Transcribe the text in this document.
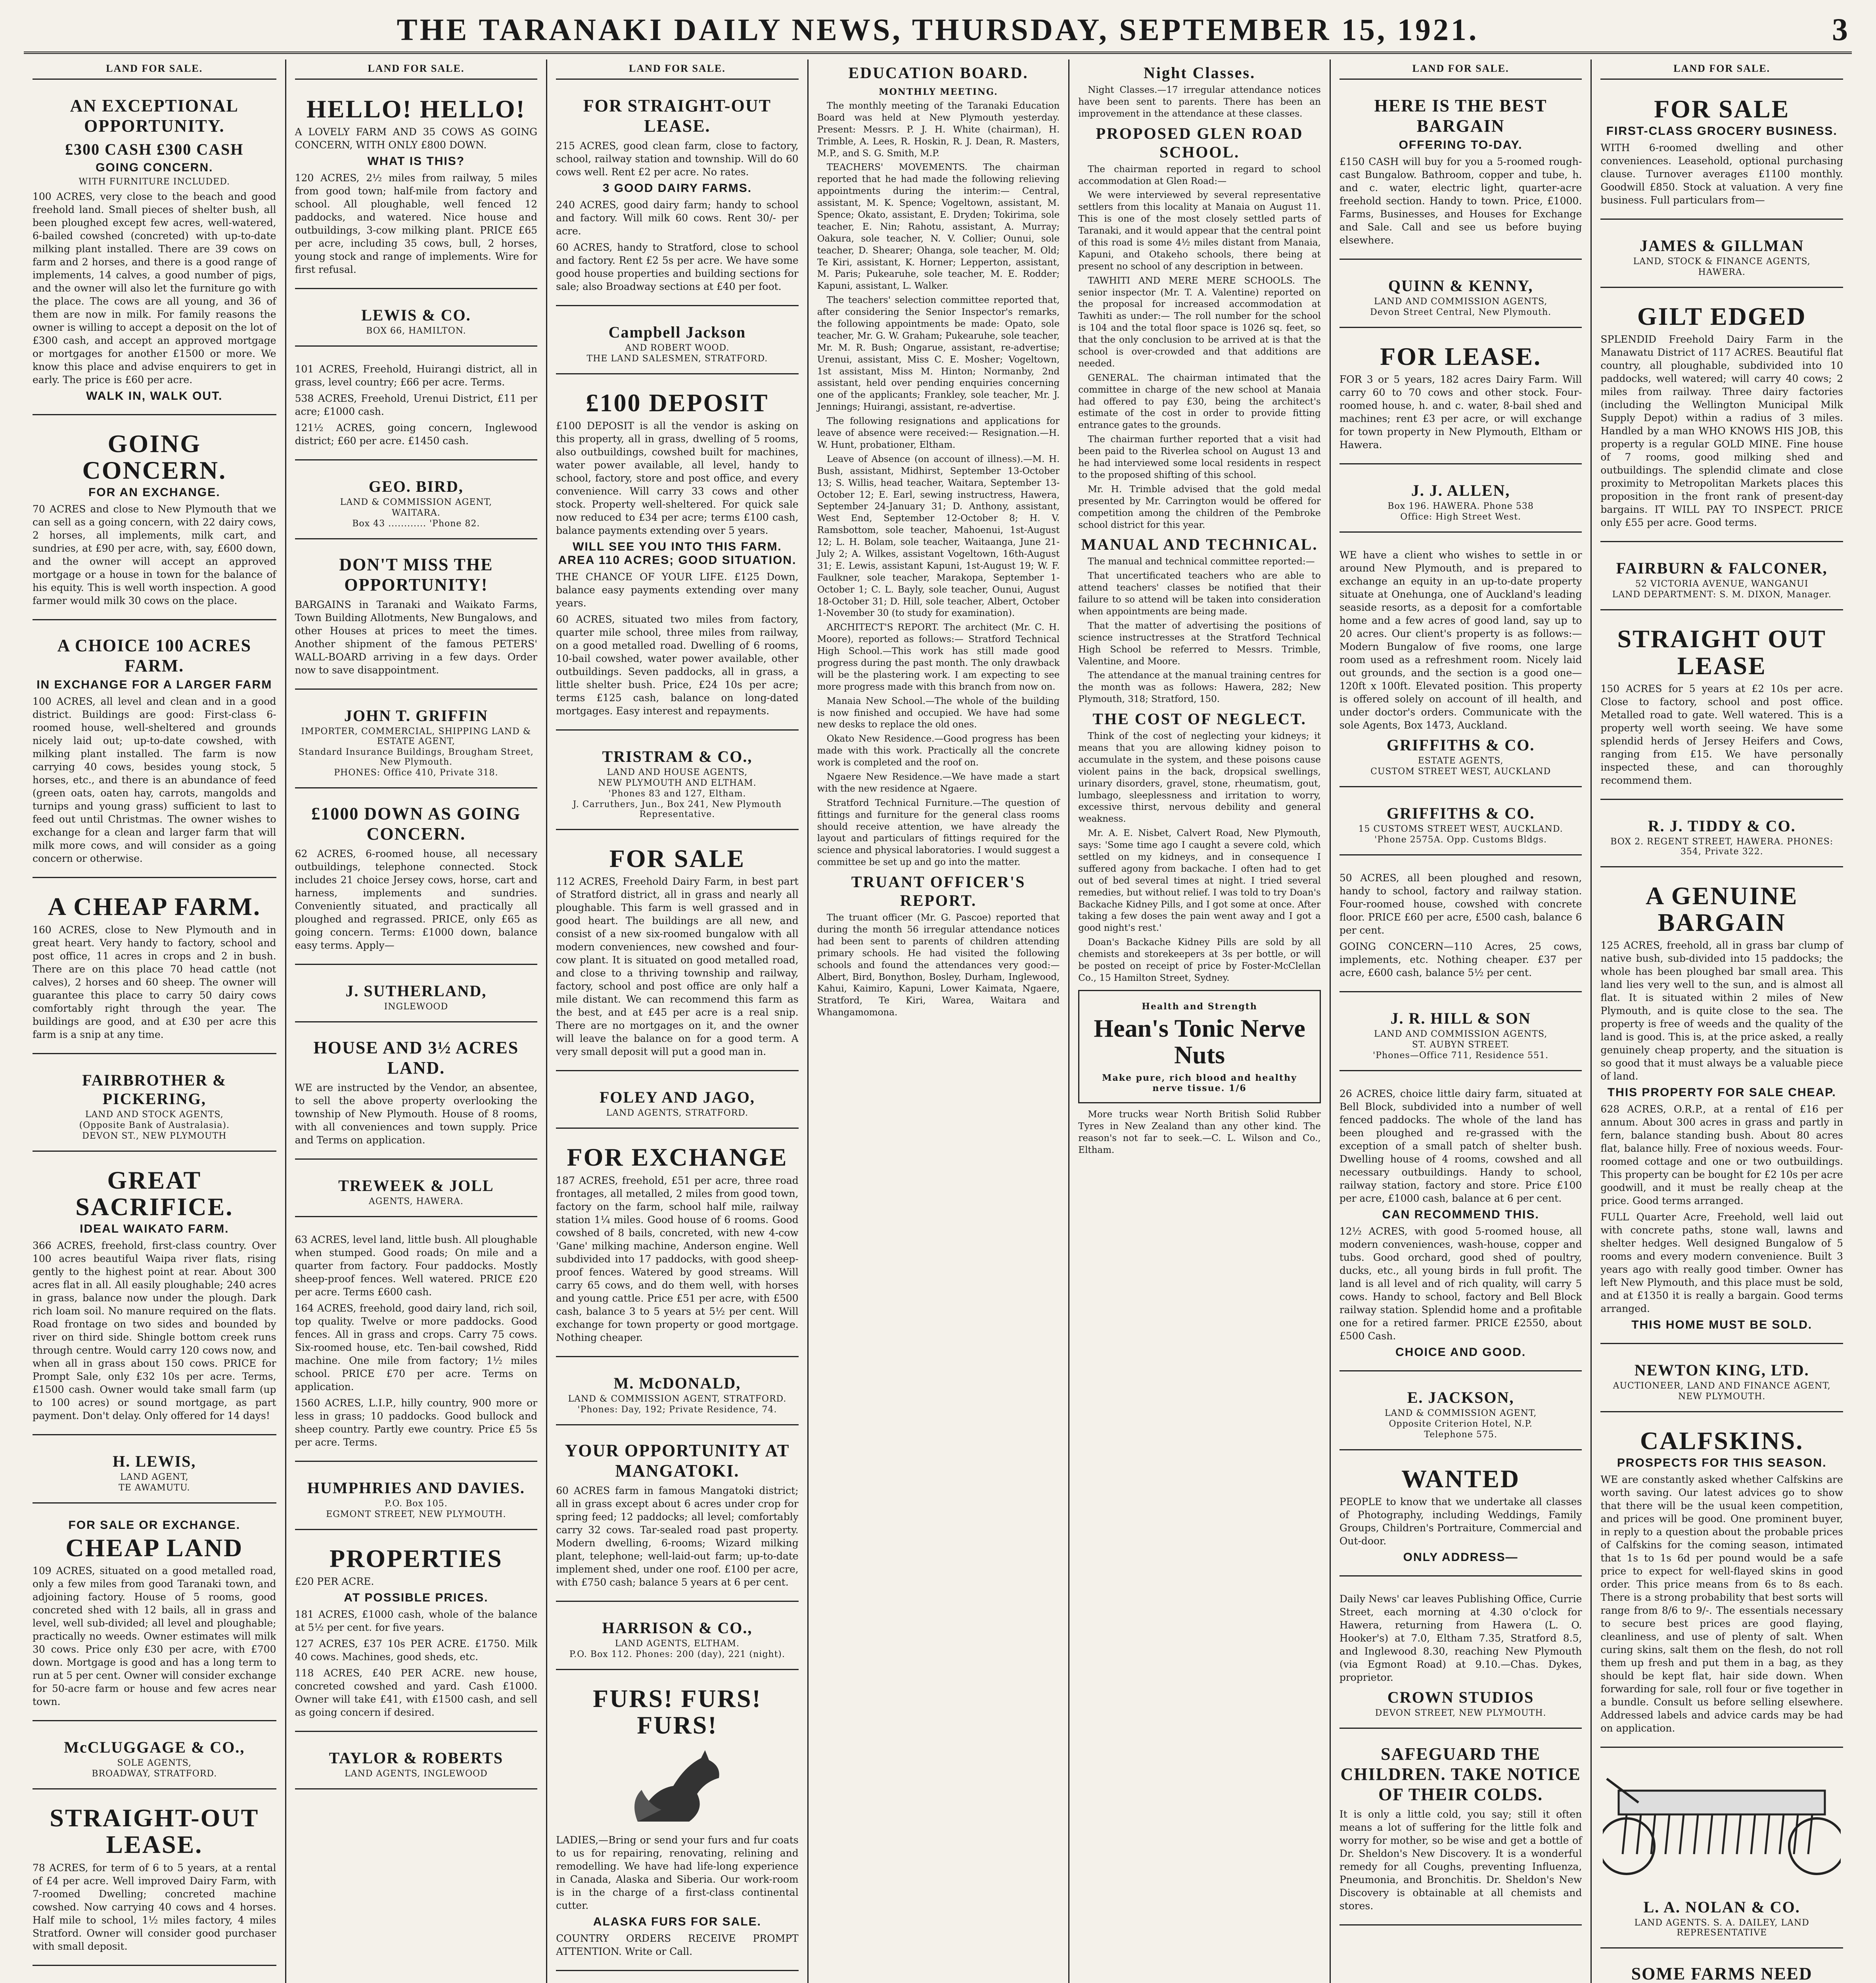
THE TARANAKI DAILY NEWS, THURSDAY, SEPTEMBER 15, 1921.	3
LAND FOR SALE.
AN EXCEPTIONAL OPPORTUNITY.
£300 CASH £300 CASH
GOING CONCERN.
WITH FURNITURE INCLUDED.

100 ACRES, very close to the beach and good freehold land. Small pieces of shelter bush, all been ploughed except few acres, well-watered, 6-bailed cowshed (concreted) with up-to-date milking plant installed. There are 39 cows on farm and 2 horses, and there is a good range of implements, 14 calves, a good number of pigs, and the owner will also let the furniture go with the place. The cows are all young, and 36 of them are now in milk. For family reasons the owner is willing to accept a deposit on the lot of £300 cash, and accept an approved mortgage or mortgages for another £1500 or more. We know this place and advise enquirers to get in early. The price is £60 per acre.

WALK IN, WALK OUT.
GOING CONCERN.
FOR AN EXCHANGE.

70 ACRES and close to New Plymouth that we can sell as a going concern, with 22 dairy cows, 2 horses, all implements, milk cart, and sundries, at £90 per acre, with, say, £600 down, and the owner will accept an approved mortgage or a house in town for the balance of his equity. This is well worth inspection. A good farmer would milk 30 cows on the place.

A CHOICE 100 ACRES FARM.
IN EXCHANGE FOR A LARGER FARM

100 ACRES, all level and clean and in a good district. Buildings are good: First-class 6-roomed house, well-sheltered and grounds nicely laid out; up-to-date cowshed, with milking plant installed. The farm is now carrying 40 cows, besides young stock, 5 horses, etc., and there is an abundance of feed (green oats, oaten hay, carrots, mangolds and turnips and young grass) sufficient to last to feed out until Christmas. The owner wishes to exchange for a clean and larger farm that will milk more cows, and will consider as a going concern or otherwise.

A CHEAP FARM.

160 ACRES, close to New Plymouth and in great heart. Very handy to factory, school and post office, 11 acres in crops and 2 in bush. There are on this place 70 head cattle (not calves), 2 horses and 60 sheep. The owner will guarantee this place to carry 50 dairy cows comfortably right through the year. The buildings are good, and at £30 per acre this farm is a snip at any time.

FAIRBROTHER & PICKERING,
LAND AND STOCK AGENTS,
(Opposite Bank of Australasia).
DEVON ST., NEW PLYMOUTH
GREAT SACRIFICE.
IDEAL WAIKATO FARM.

366 ACRES, freehold, first-class country. Over 100 acres beautiful Waipa river flats, rising gently to the highest point at rear. About 300 acres flat in all. All easily ploughable; 240 acres in grass, balance now under the plough. Dark rich loam soil. No manure required on the flats. Road frontage on two sides and bounded by river on third side. Shingle bottom creek runs through centre. Would carry 120 cows now, and when all in grass about 150 cows. PRICE for Prompt Sale, only £32 10s per acre. Terms, £1500 cash. Owner would take small farm (up to 100 acres) or sound mortgage, as part payment. Don't delay. Only offered for 14 days!

H. LEWIS,
LAND AGENT,
TE AWAMUTU.
FOR SALE OR EXCHANGE.
CHEAP LAND

109 ACRES, situated on a good metalled road, only a few miles from good Taranaki town, and adjoining factory. House of 5 rooms, good concreted shed with 12 bails, all in grass and level, well sub-divided; all level and ploughable; practically no weeds. Owner estimates will milk 30 cows. Price only £30 per acre, with £700 down. Mortgage is good and has a long term to run at 5 per cent. Owner will consider exchange for 50-acre farm or house and few acres near town.

McCLUGGAGE & CO.,
SOLE AGENTS,
BROADWAY, STRATFORD.
STRAIGHT-OUT LEASE.

78 ACRES, for term of 6 to 5 years, at a rental of £4 per acre. Well improved Dairy Farm, with 7-roomed Dwelling; concreted machine cowshed. Now carrying 40 cows and 4 horses. Half mile to school, 1½ miles factory, 4 miles Stratford. Owner will consider good purchaser with small deposit.

LAND FOR SALE.
HELLO! HELLO!

A LOVELY FARM AND 35 COWS AS GOING CONCERN, WITH ONLY £800 DOWN.

WHAT IS THIS?

120 ACRES, 2½ miles from railway, 5 miles from good town; half-mile from factory and school. All ploughable, well fenced 12 paddocks, and watered. Nice house and outbuildings, 3-cow milking plant. PRICE £65 per acre, including 35 cows, bull, 2 horses, young stock and range of implements. Wire for first refusal.

LEWIS & CO.
BOX 66, HAMILTON.

101 ACRES, Freehold, Huirangi district, all in grass, level country; £66 per acre. Terms.

538 ACRES, Freehold, Urenui District, £11 per acre; £1000 cash.

121½ ACRES, going concern, Inglewood district; £60 per acre. £1450 cash.

GEO. BIRD,
LAND & COMMISSION AGENT,
WAITARA.
Box 43 ............ 'Phone 82.
DON'T MISS THE OPPORTUNITY!

BARGAINS in Taranaki and Waikato Farms, Town Building Allotments, New Bungalows, and other Houses at prices to meet the times. Another shipment of the famous PETERS' WALL-BOARD arriving in a few days. Order now to save disappointment.

JOHN T. GRIFFIN
IMPORTER, COMMERCIAL, SHIPPING LAND & ESTATE AGENT,
Standard Insurance Buildings, Brougham Street, New Plymouth.
PHONES: Office 410, Private 318.
£1000 DOWN AS GOING CONCERN.

62 ACRES, 6-roomed house, all necessary outbuildings, telephone connected. Stock includes 21 choice Jersey cows, horse, cart and harness, implements and sundries. Conveniently situated, and practically all ploughed and regrassed. PRICE, only £65 as going concern. Terms: £1000 down, balance easy terms. Apply—

J. SUTHERLAND,
INGLEWOOD
HOUSE AND 3½ ACRES LAND.

WE are instructed by the Vendor, an absentee, to sell the above property overlooking the township of New Plymouth. House of 8 rooms, with all conveniences and town supply. Price and Terms on application.

TREWEEK & JOLL
AGENTS, HAWERA.

63 ACRES, level land, little bush. All ploughable when stumped. Good roads; On mile and a quarter from factory. Four paddocks. Mostly sheep-proof fences. Well watered. PRICE £20 per acre. Terms £600 cash.

164 ACRES, freehold, good dairy land, rich soil, top quality. Twelve or more paddocks. Good fences. All in grass and crops. Carry 75 cows. Six-roomed house, etc. Ten-bail cowshed, Ridd machine. One mile from factory; 1½ miles school. PRICE £70 per acre. Terms on application.

1560 ACRES, L.I.P., hilly country, 900 more or less in grass; 10 paddocks. Good bullock and sheep country. Partly ewe country. Price £5 5s per acre. Terms.

HUMPHRIES AND DAVIES.
P.O. Box 105.
EGMONT STREET, NEW PLYMOUTH.
PROPERTIES

£20 PER ACRE.

AT POSSIBLE PRICES.

181 ACRES, £1000 cash, whole of the balance at 5½ per cent. for five years.

127 ACRES, £37 10s PER ACRE. £1750. Milk 40 cows. Machines, good sheds, etc.

118 ACRES, £40 PER ACRE. new house, concreted cowshed and yard. Cash £1000. Owner will take £41, with £1500 cash, and sell as going concern if desired.

TAYLOR & ROBERTS
LAND AGENTS, INGLEWOOD
LAND FOR SALE.
FOR STRAIGHT-OUT LEASE.

215 ACRES, good clean farm, close to factory, school, railway station and township. Will do 60 cows well. Rent £2 per acre. No rates.

3 GOOD DAIRY FARMS.

240 ACRES, good dairy farm; handy to school and factory. Will milk 60 cows. Rent 30/- per acre.

60 ACRES, handy to Stratford, close to school and factory. Rent £2 5s per acre. We have some good house properties and building sections for sale; also Broadway sections at £40 per foot.

Campbell Jackson
AND ROBERT WOOD.
THE LAND SALESMEN, STRATFORD.
£100 DEPOSIT

£100 DEPOSIT is all the vendor is asking on this property, all in grass, dwelling of 5 rooms, also outbuildings, cowshed built for machines, water power available, all level, handy to school, factory, store and post office, and every convenience. Will carry 33 cows and other stock. Property well-sheltered. For quick sale now reduced to £34 per acre; terms £100 cash, balance payments extending over 5 years.

WILL SEE YOU INTO THIS FARM. AREA 110 ACRES; GOOD SITUATION.

THE CHANCE OF YOUR LIFE. £125 Down, balance easy payments extending over many years.

60 ACRES, situated two miles from factory, quarter mile school, three miles from railway, on a good metalled road. Dwelling of 6 rooms, 10-bail cowshed, water power available, other outbuildings. Seven paddocks, all in grass, a little shelter bush. Price, £24 10s per acre; terms £125 cash, balance on long-dated mortgages. Easy interest and repayments.

TRISTRAM & CO.,
LAND AND HOUSE AGENTS,
NEW PLYMOUTH AND ELTHAM.
'Phones 83 and 127, Eltham.
J. Carruthers, Jun., Box 241, New Plymouth Representative.
FOR SALE

112 ACRES, Freehold Dairy Farm, in best part of Stratford district, all in grass and nearly all ploughable. This farm is well grassed and in good heart. The buildings are all new, and consist of a new six-roomed bungalow with all modern conveniences, new cowshed and four-cow plant. It is situated on good metalled road, and close to a thriving township and railway, factory, school and post office are only half a mile distant. We can recommend this farm as the best, and at £45 per acre is a real snip. There are no mortgages on it, and the owner will leave the balance on for a good term. A very small deposit will put a good man in.

FOLEY AND JAGO,
LAND AGENTS, STRATFORD.
FOR EXCHANGE

187 ACRES, freehold, £51 per acre, three road frontages, all metalled, 2 miles from good town, factory on the farm, school half mile, railway station 1¼ miles. Good house of 6 rooms. Good cowshed of 8 bails, concreted, with new 4-cow 'Gane' milking machine, Anderson engine. Well subdivided into 17 paddocks, with good sheep-proof fences. Watered by good streams. Will carry 65 cows, and do them well, with horses and young cattle. Price £51 per acre, with £500 cash, balance 3 to 5 years at 5½ per cent. Will exchange for town property or good mortgage. Nothing cheaper.

M. McDONALD,
LAND & COMMISSION AGENT, STRATFORD.
'Phones: Day, 192; Private Residence, 74.
YOUR OPPORTUNITY AT MANGATOKI.

60 ACRES farm in famous Mangatoki district; all in grass except about 6 acres under crop for spring feed; 12 paddocks; all level; comfortably carry 32 cows. Tar-sealed road past property. Modern dwelling, 6-rooms; Wizard milking plant, telephone; well-laid-out farm; up-to-date implement shed, under one roof. £100 per acre, with £750 cash; balance 5 years at 6 per cent.

HARRISON & CO.,
LAND AGENTS, ELTHAM.
P.O. Box 112. Phones: 200 (day), 221 (night).
FURS! FURS! FURS!

LADIES,—Bring or send your furs and fur coats to us for repairing, renovating, relining and remodelling. We have had life-long experience in Canada, Alaska and Siberia. Our work-room is in the charge of a first-class continental cutter.

ALASKA FURS FOR SALE.

COUNTRY ORDERS RECEIVE PROMPT ATTENTION. Write or Call.

EDUCATION BOARD.
MONTHLY MEETING.

The monthly meeting of the Taranaki Education Board was held at New Plymouth yesterday. Present: Messrs. P. J. H. White (chairman), H. Trimble, A. Lees, R. Hoskin, R. J. Dean, R. Masters, M.P., and S. G. Smith, M.P.

TEACHERS' MOVEMENTS. The chairman reported that he had made the following relieving appointments during the interim:— Central, assistant, M. K. Spence; Vogeltown, assistant, M. Spence; Okato, assistant, E. Dryden; Tokirima, sole teacher, E. Nin; Rahotu, assistant, A. Murray; Oakura, sole teacher, N. V. Collier; Ounui, sole teacher, D. Shearer; Ohanga, sole teacher, M. Old; Te Kiri, assistant, K. Horner; Lepperton, assistant, M. Paris; Pukearuhe, sole teacher, M. E. Rodder; Kapuni, assistant, L. Walker.

The teachers' selection committee reported that, after considering the Senior Inspector's remarks, the following appointments be made: Opato, sole teacher, Mr. G. W. Graham; Pukearuhe, sole teacher, Mr. M. R. Bush; Ongarue, assistant, re-advertise; Urenui, assistant, Miss C. E. Mosher; Vogeltown, 1st assistant, Miss M. Hinton; Normanby, 2nd assistant, held over pending enquiries concerning one of the applicants; Frankley, sole teacher, Mr. J. Jennings; Huirangi, assistant, re-advertise.

The following resignations and applications for leave of absence were received:— Resignation.—H. W. Hunt, probationer, Eltham.

Leave of Absence (on account of illness).—M. H. Bush, assistant, Midhirst, September 13-October 13; S. Willis, head teacher, Waitara, September 13-October 12; E. Earl, sewing instructress, Hawera, September 24-January 31; D. Anthony, assistant, West End, September 12-October 8; H. V. Ramsbottom, sole teacher, Mahoenui, 1st-August 12; L. H. Bolam, sole teacher, Waitaanga, June 21-July 2; A. Wilkes, assistant Vogeltown, 16th-August 31; E. Lewis, assistant Kapuni, 1st-August 19; W. F. Faulkner, sole teacher, Marakopa, September 1-October 1; C. L. Bayly, sole teacher, Ounui, August 18-October 31; D. Hill, sole teacher, Albert, October 1-November 30 (to study for examination).

ARCHITECT'S REPORT. The architect (Mr. C. H. Moore), reported as follows:— Stratford Technical High School.—This work has still made good progress during the past month. The only drawback will be the plastering work. I am expecting to see more progress made with this branch from now on.

Manaia New School.—The whole of the building is now finished and occupied. We have had some new desks to replace the old ones.

Okato New Residence.—Good progress has been made with this work. Practically all the concrete work is completed and the roof on.

Ngaere New Residence.—We have made a start with the new residence at Ngaere.

Stratford Technical Furniture.—The question of fittings and furniture for the general class rooms should receive attention, we have already the layout and particulars of fittings required for the science and physical laboratories. I would suggest a committee be set up and go into the matter.

TRUANT OFFICER'S REPORT.

The truant officer (Mr. G. Pascoe) reported that during the month 56 irregular attendance notices had been sent to parents of children attending primary schools. He had visited the following schools and found the attendances very good:—Albert, Bird, Bonython, Bosley, Durham, Inglewood, Kahui, Kaimiro, Kapuni, Lower Kaimata, Ngaere, Stratford, Te Kiri, Warea, Waitara and Whangamomona.

Night Classes.

Night Classes.—17 irregular attendance notices have been sent to parents. There has been an improvement in the attendance at these classes.

PROPOSED GLEN ROAD SCHOOL.

The chairman reported in regard to school accommodation at Glen Road:—

We were interviewed by several representative settlers from this locality at Manaia on August 11. This is one of the most closely settled parts of Taranaki, and it would appear that the central point of this road is some 4½ miles distant from Manaia, Kapuni, and Otakeho schools, there being at present no school of any description in between.

TAWHITI AND MERE MERE SCHOOLS. The senior inspector (Mr. T. A. Valentine) reported on the proposal for increased accommodation at Tawhiti as under:— The roll number for the school is 104 and the total floor space is 1026 sq. feet, so that the only conclusion to be arrived at is that the school is over-crowded and that additions are needed.

GENERAL. The chairman intimated that the committee in charge of the new school at Manaia had offered to pay £30, being the architect's estimate of the cost in order to provide fitting entrance gates to the grounds.

The chairman further reported that a visit had been paid to the Riverlea school on August 13 and he had interviewed some local residents in respect to the proposed shifting of this school.

Mr. H. Trimble advised that the gold medal presented by Mr. Carrington would be offered for competition among the children of the Pembroke school district for this year.

MANUAL AND TECHNICAL.

The manual and technical committee reported:—

That uncertificated teachers who are able to attend teachers' classes be notified that their failure to so attend will be taken into consideration when appointments are being made.

That the matter of advertising the positions of science instructresses at the Stratford Technical High School be referred to Messrs. Trimble, Valentine, and Moore.

The attendance at the manual training centres for the month was as follows: Hawera, 282; New Plymouth, 318; Stratford, 150.

THE COST OF NEGLECT.

Think of the cost of neglecting your kidneys; it means that you are allowing kidney poison to accumulate in the system, and these poisons cause violent pains in the back, dropsical swellings, urinary disorders, gravel, stone, rheumatism, gout, lumbago, sleeplessness and irritation to worry, excessive thirst, nervous debility and general weakness.

Mr. A. E. Nisbet, Calvert Road, New Plymouth, says: 'Some time ago I caught a severe cold, which settled on my kidneys, and in consequence I suffered agony from backache. I often had to get out of bed several times at night. I tried several remedies, but without relief. I was told to try Doan's Backache Kidney Pills, and I got some at once. After taking a few doses the pain went away and I got a good night's rest.'

Doan's Backache Kidney Pills are sold by all chemists and storekeepers at 3s per bottle, or will be posted on receipt of price by Foster-McClellan Co., 15 Hamilton Street, Sydney.

Health and Strength
Hean's Tonic Nerve Nuts
Make pure, rich blood and healthy nerve tissue. 1/6

More trucks wear North British Solid Rubber Tyres in New Zealand than any other kind. The reason's not far to seek.—C. L. Wilson and Co., Eltham.

LAND FOR SALE.
HERE IS THE BEST BARGAIN
OFFERING TO-DAY.

£150 CASH will buy for you a 5-roomed rough-cast Bungalow. Bathroom, copper and tube, h. and c. water, electric light, quarter-acre freehold section. Handy to town. Price, £1000. Farms, Businesses, and Houses for Exchange and Sale. Call and see us before buying elsewhere.

QUINN & KENNY,
LAND AND COMMISSION AGENTS,
Devon Street Central, New Plymouth.
FOR LEASE.

FOR 3 or 5 years, 182 acres Dairy Farm. Will carry 60 to 70 cows and other stock. Four-roomed house, h. and c. water, 8-bail shed and machines; rent £3 per acre, or will exchange for town property in New Plymouth, Eltham or Hawera.

J. J. ALLEN,
Box 196. HAWERA. Phone 538
Office: High Street West.

WE have a client who wishes to settle in or around New Plymouth, and is prepared to exchange an equity in an up-to-date property situate at Onehunga, one of Auckland's leading seaside resorts, as a deposit for a comfortable home and a few acres of good land, say up to 20 acres. Our client's property is as follows:—Modern Bungalow of five rooms, one large room used as a refreshment room. Nicely laid out grounds, and the section is a good one—120ft x 100ft. Elevated position. This property is offered solely on account of ill health, and under doctor's orders. Communicate with the sole Agents, Box 1473, Auckland.

GRIFFITHS & CO.
ESTATE AGENTS,
CUSTOM STREET WEST, AUCKLAND
GRIFFITHS & CO.
15 CUSTOMS STREET WEST, AUCKLAND.
'Phone 2575A. Opp. Customs Bldgs.

50 ACRES, all been ploughed and resown, handy to school, factory and railway station. Four-roomed house, cowshed with concrete floor. PRICE £60 per acre, £500 cash, balance 6 per cent.

GOING CONCERN—110 Acres, 25 cows, implements, etc. Nothing cheaper. £37 per acre, £600 cash, balance 5½ per cent.

J. R. HILL & SON
LAND AND COMMISSION AGENTS,
ST. AUBYN STREET.
'Phones—Office 711, Residence 551.

26 ACRES, choice little dairy farm, situated at Bell Block, subdivided into a number of well fenced paddocks. The whole of the land has been ploughed and re-grassed with the exception of a small patch of shelter bush. Dwelling house of 4 rooms, cowshed and all necessary outbuildings. Handy to school, railway station, factory and store. Price £100 per acre, £1000 cash, balance at 6 per cent.

CAN RECOMMEND THIS.

12½ ACRES, with good 5-roomed house, all modern conveniences, wash-house, copper and tubs. Good orchard, good shed of poultry, ducks, etc., all young birds in full profit. The land is all level and of rich quality, will carry 5 cows. Handy to school, factory and Bell Block railway station. Splendid home and a profitable one for a retired farmer. PRICE £2550, about £500 Cash.

CHOICE AND GOOD.
E. JACKSON,
LAND & COMMISSION AGENT,
Opposite Criterion Hotel, N.P.
Telephone 575.
WANTED

PEOPLE to know that we undertake all classes of Photography, including Weddings, Family Groups, Children's Portraiture, Commercial and Out-door.

ONLY ADDRESS—

Daily News' car leaves Publishing Office, Currie Street, each morning at 4.30 o'clock for Hawera, returning from Hawera (L. O. Hooker's) at 7.0, Eltham 7.35, Stratford 8.5, and Inglewood 8.30, reaching New Plymouth (via Egmont Road) at 9.10.—Chas. Dykes, proprietor.

CROWN STUDIOS
DEVON STREET, NEW PLYMOUTH.
SAFEGUARD THE CHILDREN. TAKE NOTICE OF THEIR COLDS.

It is only a little cold, you say; still it often means a lot of suffering for the little folk and worry for mother, so be wise and get a bottle of Dr. Sheldon's New Discovery. It is a wonderful remedy for all Coughs, preventing Influenza, Pneumonia, and Bronchitis. Dr. Sheldon's New Discovery is obtainable at all chemists and stores.

LAND FOR SALE.
FOR SALE
FIRST-CLASS GROCERY BUSINESS.

WITH 6-roomed dwelling and other conveniences. Leasehold, optional purchasing clause. Turnover averages £1100 monthly. Goodwill £850. Stock at valuation. A very fine business. Full particulars from—

JAMES & GILLMAN
LAND, STOCK & FINANCE AGENTS,
HAWERA.
GILT EDGED

SPLENDID Freehold Dairy Farm in the Manawatu District of 117 ACRES. Beautiful flat country, all ploughable, subdivided into 10 paddocks, well watered; will carry 40 cows; 2 miles from railway. Three dairy factories (including the Wellington Municipal Milk Supply Depot) within a radius of 3 miles. Handled by a man WHO KNOWS HIS JOB, this property is a regular GOLD MINE. Fine house of 7 rooms, good milking shed and outbuildings. The splendid climate and close proximity to Metropolitan Markets places this proposition in the front rank of present-day bargains. IT WILL PAY TO INSPECT. PRICE only £55 per acre. Good terms.

FAIRBURN & FALCONER,
52 VICTORIA AVENUE, WANGANUI
LAND DEPARTMENT: S. M. DIXON, Manager.
STRAIGHT OUT LEASE

150 ACRES for 5 years at £2 10s per acre. Close to factory, school and post office. Metalled road to gate. Well watered. This is a property well worth seeing. We have some splendid herds of Jersey Heifers and Cows, ranging from £15. We have personally inspected these, and can thoroughly recommend them.

R. J. TIDDY & CO.
BOX 2. REGENT STREET, HAWERA. PHONES: 354, Private 322.
A GENUINE BARGAIN

125 ACRES, freehold, all in grass bar clump of native bush, sub-divided into 15 paddocks; the whole has been ploughed bar small area. This land lies very well to the sun, and is almost all flat. It is situated within 2 miles of New Plymouth, and is quite close to the sea. The property is free of weeds and the quality of the land is good. This is, at the price asked, a really genuinely cheap property, and the situation is so good that it must always be a valuable piece of land.

THIS PROPERTY FOR SALE CHEAP.

628 ACRES, O.R.P., at a rental of £16 per annum. About 300 acres in grass and partly in fern, balance standing bush. About 80 acres flat, balance hilly. Free of noxious weeds. Four-roomed cottage and one or two outbuildings. This property can be bought for £2 10s per acre goodwill, and it must be really cheap at the price. Good terms arranged.

FULL Quarter Acre, Freehold, well laid out with concrete paths, stone wall, lawns and shelter hedges. Well designed Bungalow of 5 rooms and every modern convenience. Built 3 years ago with really good timber. Owner has left New Plymouth, and this place must be sold, and at £1350 it is really a bargain. Good terms arranged.

THIS HOME MUST BE SOLD.
NEWTON KING, LTD.
AUCTIONEER, LAND AND FINANCE AGENT,
NEW PLYMOUTH.
CALFSKINS.
PROSPECTS FOR THIS SEASON.

WE are constantly asked whether Calfskins are worth saving. Our latest advices go to show that there will be the usual keen competition, and prices will be good. One prominent buyer, in reply to a question about the probable prices of Calfskins for the coming season, intimated that 1s to 1s 6d per pound would be a safe price to expect for well-flayed skins in good order. This price means from 6s to 8s each. There is a strong probability that best sorts will range from 8/6 to 9/-. The essentials necessary to secure best prices are good flaying, cleanliness, and use of plenty of salt. When curing skins, salt them on the flesh, do not roll them up fresh and put them in a bag, as they should be kept flat, hair side down. When forwarding for sale, roll four or five together in a bundle. Consult us before selling elsewhere. Addressed labels and advice cards may be had on application.

L. A. NOLAN & CO.
LAND AGENTS. S. A. DAILEY, LAND REPRESENTATIVE
SOME FARMS NEED
